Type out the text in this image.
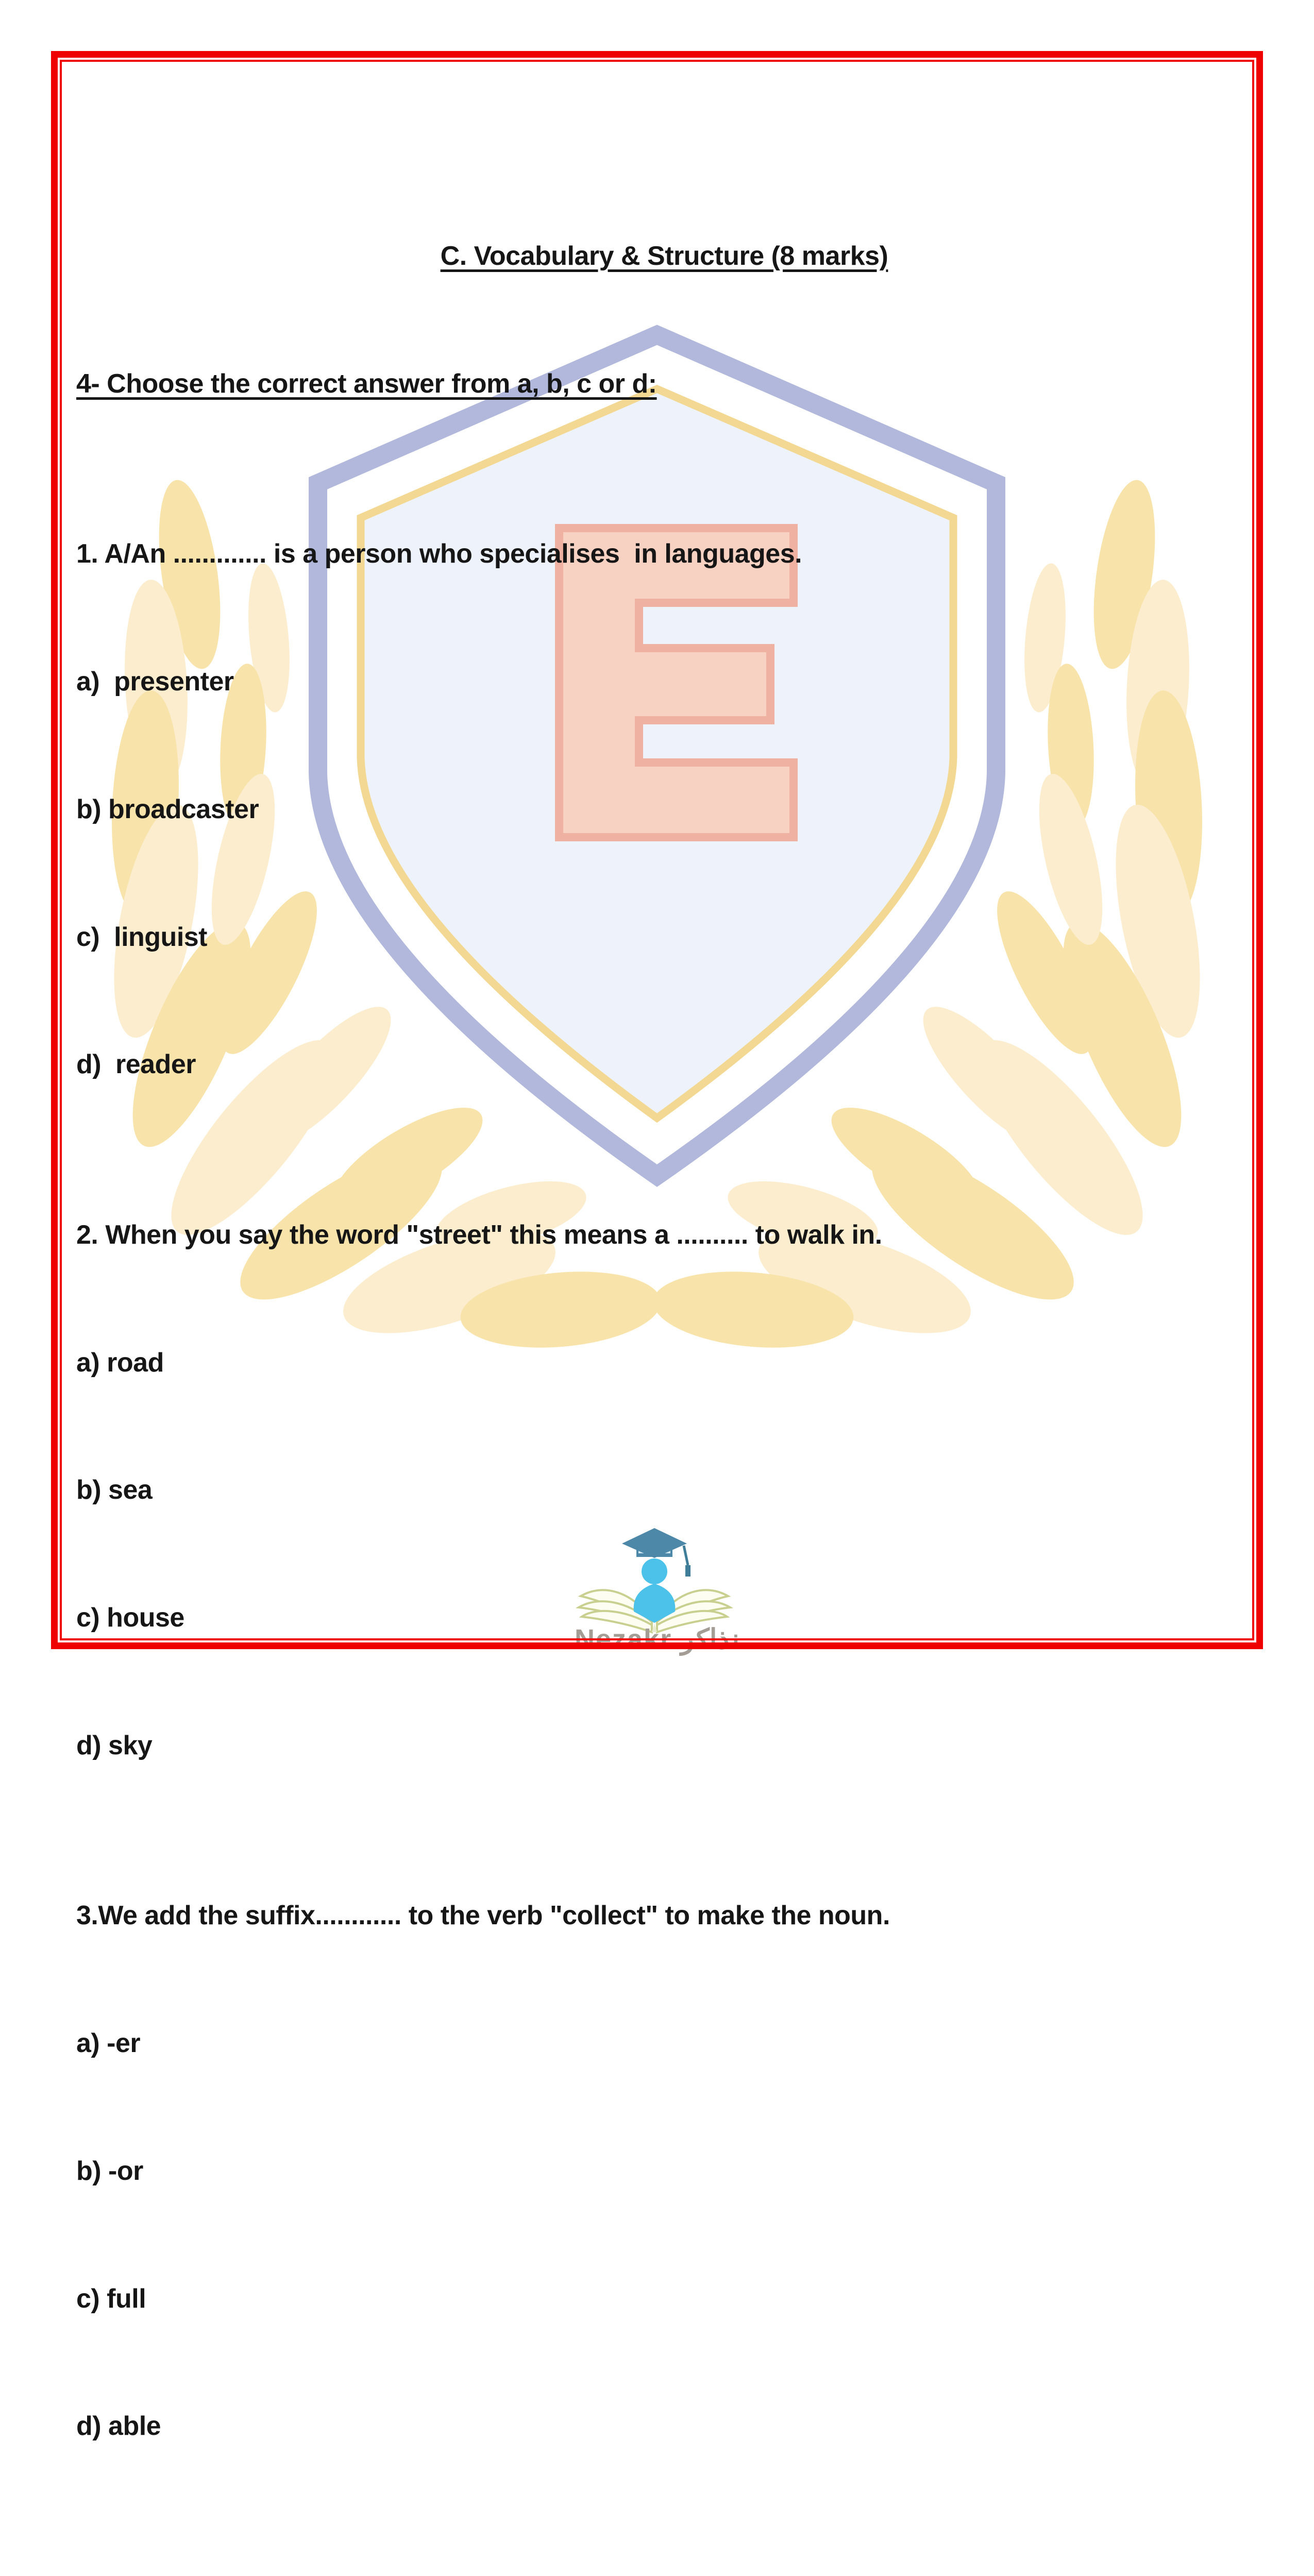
Nezakr نذاكر

C. Vocabulary & Structure (8 marks)

4- Choose the correct answer from a, b, c or d:

1. A/An ............. is a person who specialises  in languages.

a)  presenter

b) broadcaster

c)  linguist

d)  reader

2. When you say the word "street" this means a .......... to walk in.

a) road

b) sea

c) house

d) sky

3.We add the suffix............ to the verb "collect" to make the noun.

a) -er

b) -or

c) full

d) able
